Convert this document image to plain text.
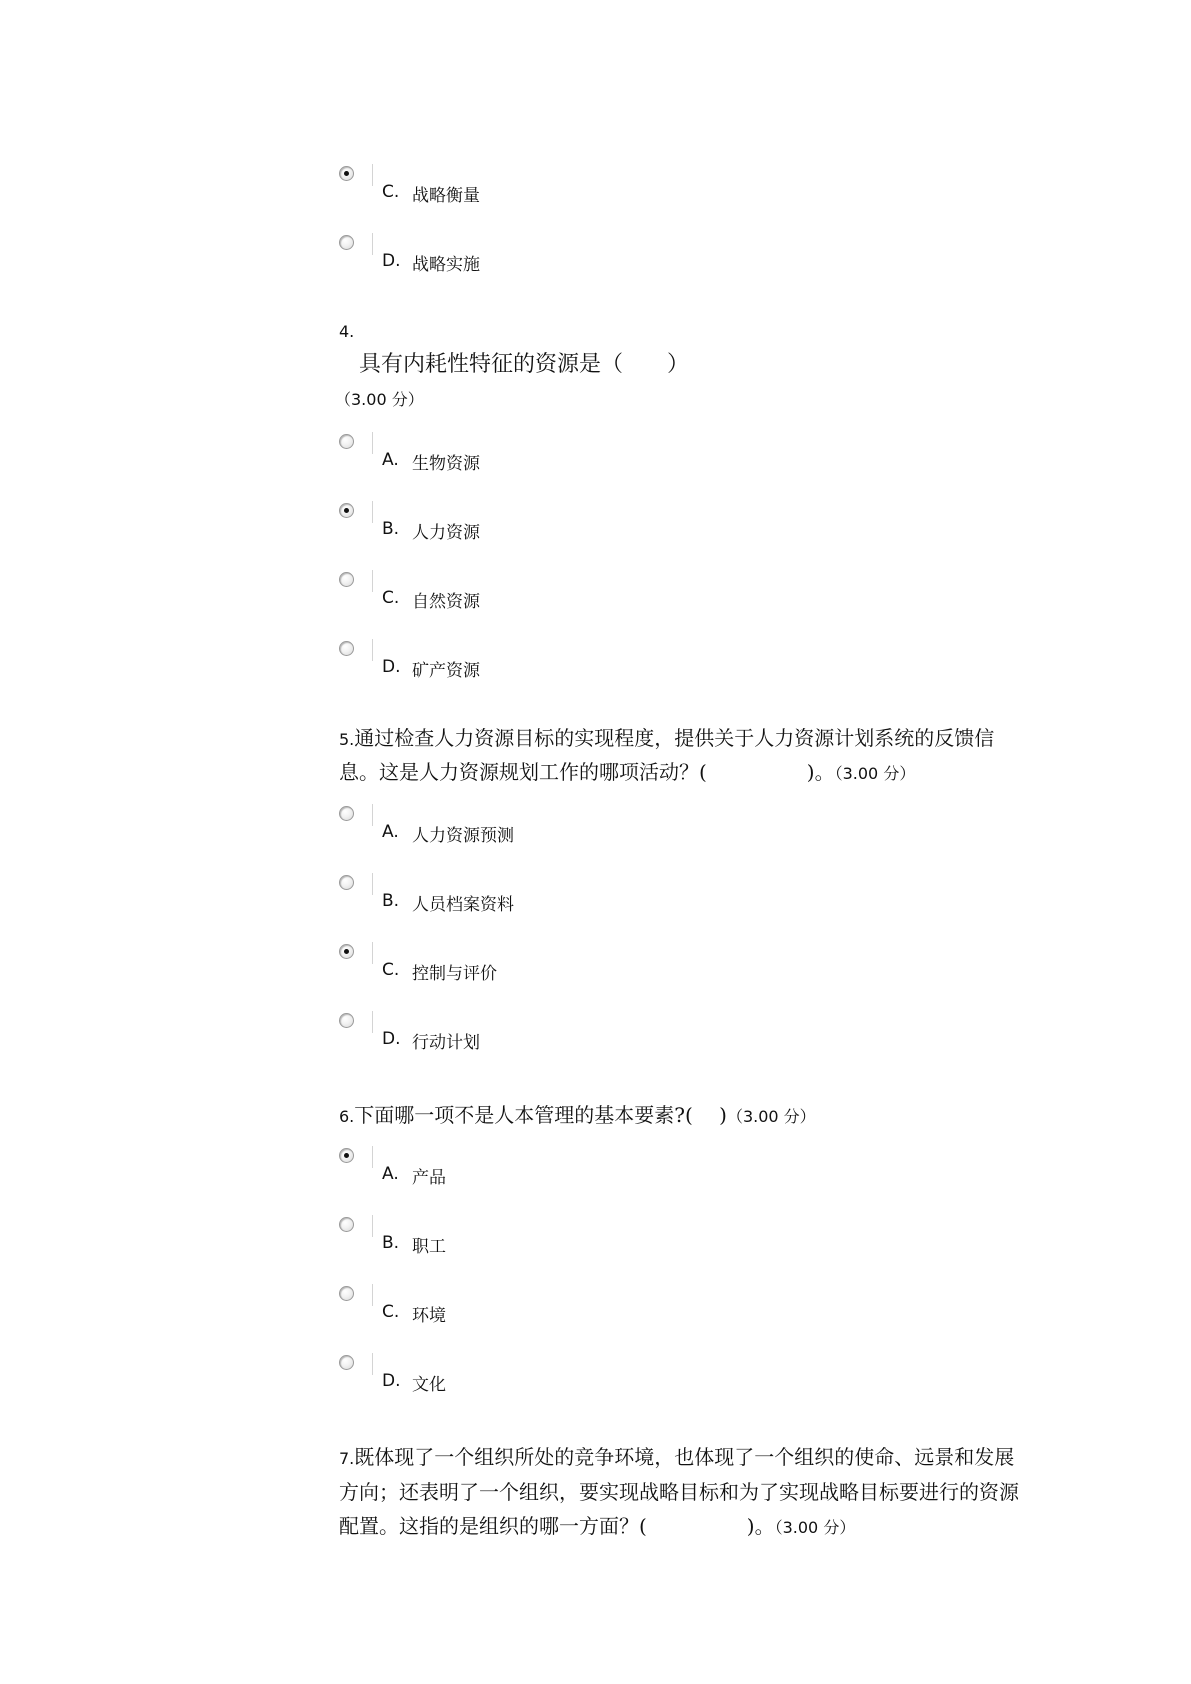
C. 战略衡量
D. 战略实施
4.
具有内耗性特征的资源是（　　）
（3.00 分）
A. 生物资源
B. 人力资源
C. 自然资源
D. 矿产资源
5.通过检查人力资源目标的实现程度，提供关于人力资源计划系统的反馈信
息。这是人力资源规划工作的哪项活动？(　　　　　)。（3.00 分）
A. 人力资源预测
B. 人员档案资料
C. 控制与评价
D. 行动计划
6.下面哪一项不是人本管理的基本要素?(　 )（3.00 分）
A. 产品
B. 职工
C. 环境
D. 文化
7.既体现了一个组织所处的竞争环境，也体现了一个组织的使命、远景和发展
方向；还表明了一个组织，要实现战略目标和为了实现战略目标要进行的资源
配置。这指的是组织的哪一方面？(　　　　　)。（3.00 分）
